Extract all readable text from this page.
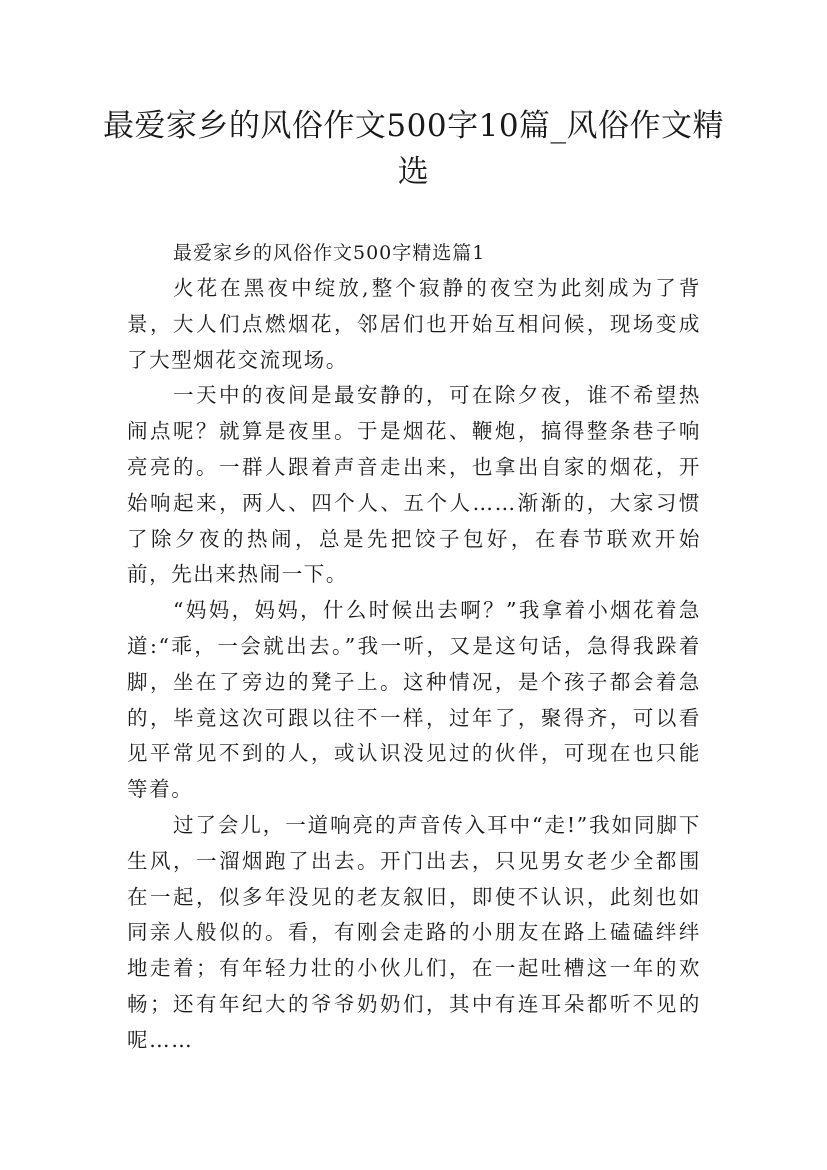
最爱家乡的风俗作文500字10篇_风俗作文精选

最爱家乡的风俗作文500字精选篇1

火花在黑夜中绽放,整个寂静的夜空为此刻成为了背景，大人们点燃烟花，邻居们也开始互相问候，现场变成了大型烟花交流现场。

一天中的夜间是最安静的，可在除夕夜，谁不希望热闹点呢？就算是夜里。于是烟花、鞭炮，搞得整条巷子响亮亮的。一群人跟着声音走出来，也拿出自家的烟花，开始响起来，两人、四个人、五个人……渐渐的，大家习惯了除夕夜的热闹，总是先把饺子包好，在春节联欢开始前，先出来热闹一下。

“妈妈，妈妈，什么时候出去啊？”我拿着小烟花着急道:“乖，一会就出去。”我一听，又是这句话，急得我跺着脚，坐在了旁边的凳子上。这种情况，是个孩子都会着急的，毕竟这次可跟以往不一样，过年了，聚得齐，可以看见平常见不到的人，或认识没见过的伙伴，可现在也只能等着。

过了会儿，一道响亮的声音传入耳中“走!”我如同脚下生风，一溜烟跑了出去。开门出去，只见男女老少全都围在一起，似多年没见的老友叙旧，即使不认识，此刻也如同亲人般似的。看，有刚会走路的小朋友在路上磕磕绊绊地走着；有年轻力壮的小伙儿们，在一起吐槽这一年的欢畅；还有年纪大的爷爷奶奶们，其中有连耳朵都听不见的呢……
